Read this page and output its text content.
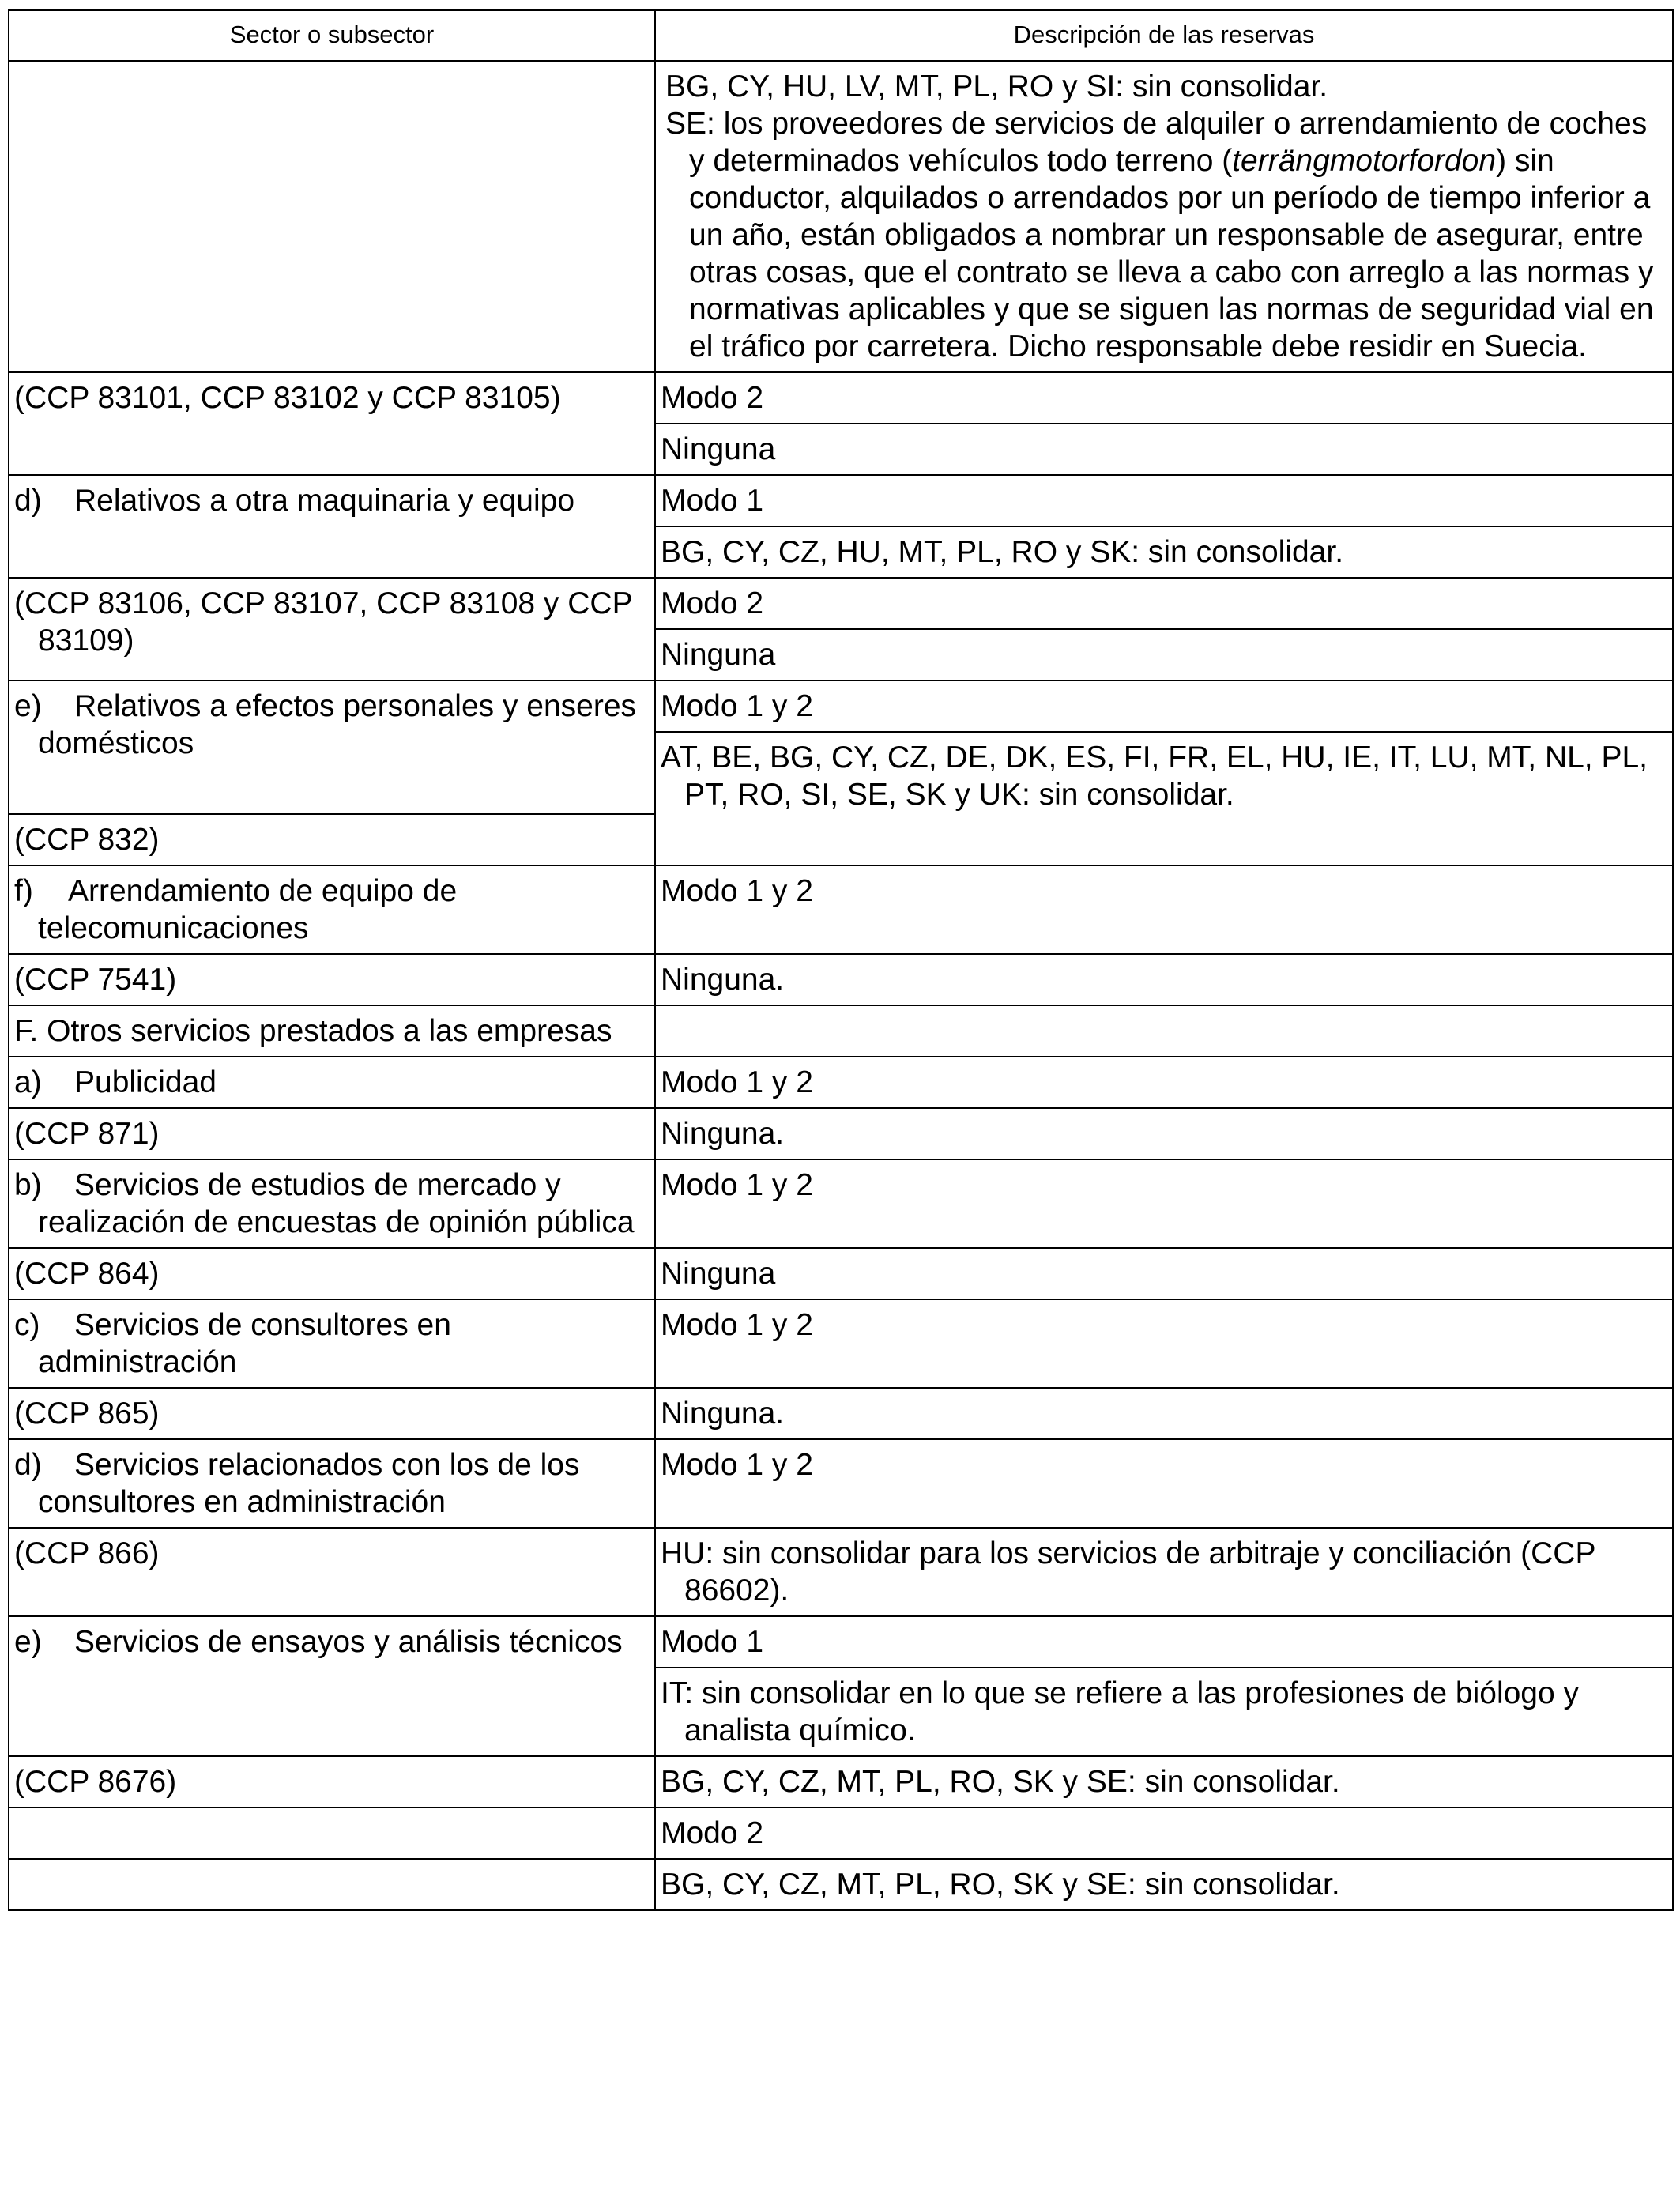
Sector o subsector	Descripción de las reservas

	BG, CY, HU, LV, MT, PL, RO y SI: sin consolidar.
SE: los proveedores de servicios de alquiler o arrendamiento de coches y determinados vehículos todo terreno (terrängmotorfordon) sin conductor, alquilados o arrendados por un período de tiempo inferior a un año, están obligados a nombrar un responsable de asegurar, entre otras cosas, que el contrato se lleva a cabo con arreglo a las normas y normativas aplicables y que se siguen las normas de seguridad vial en el tráfico por carretera. Dicho responsable debe residir en Suecia.

(CCP 83101, CCP 83102 y CCP 83105)	Modo 2
	Ninguna
d) Relativos a otra maquinaria y equipo	Modo 1
	BG, CY, CZ, HU, MT, PL, RO y SK: sin consolidar.
(CCP 83106, CCP 83107, CCP 83108 y CCP 83109)	Modo 2
	Ninguna
e) Relativos a efectos personales y enseres domésticos	Modo 1 y 2
	AT, BE, BG, CY, CZ, DE, DK, ES, FI, FR, EL, HU, IE, IT, LU, MT, NL, PL, PT, RO, SI, SE, SK y UK: sin consolidar.
(CCP 832)	
f) Arrendamiento de equipo de telecomunicaciones	Modo 1 y 2
(CCP 7541)	Ninguna.
F. Otros servicios prestados a las empresas	
a) Publicidad	Modo 1 y 2
(CCP 871)	Ninguna.
b) Servicios de estudios de mercado y realización de encuestas de opinión pública	Modo 1 y 2
(CCP 864)	Ninguna
c) Servicios de consultores en administración	Modo 1 y 2
(CCP 865)	Ninguna.
d) Servicios relacionados con los de los consultores en administración	Modo 1 y 2
(CCP 866)	HU: sin consolidar para los servicios de arbitraje y conciliación (CCP 86602).
e) Servicios de ensayos y análisis técnicos	Modo 1
	IT: sin consolidar en lo que se refiere a las profesiones de biólogo y analista químico.
(CCP 8676)	BG, CY, CZ, MT, PL, RO, SK y SE: sin consolidar.
	Modo 2
	BG, CY, CZ, MT, PL, RO, SK y SE: sin consolidar.
